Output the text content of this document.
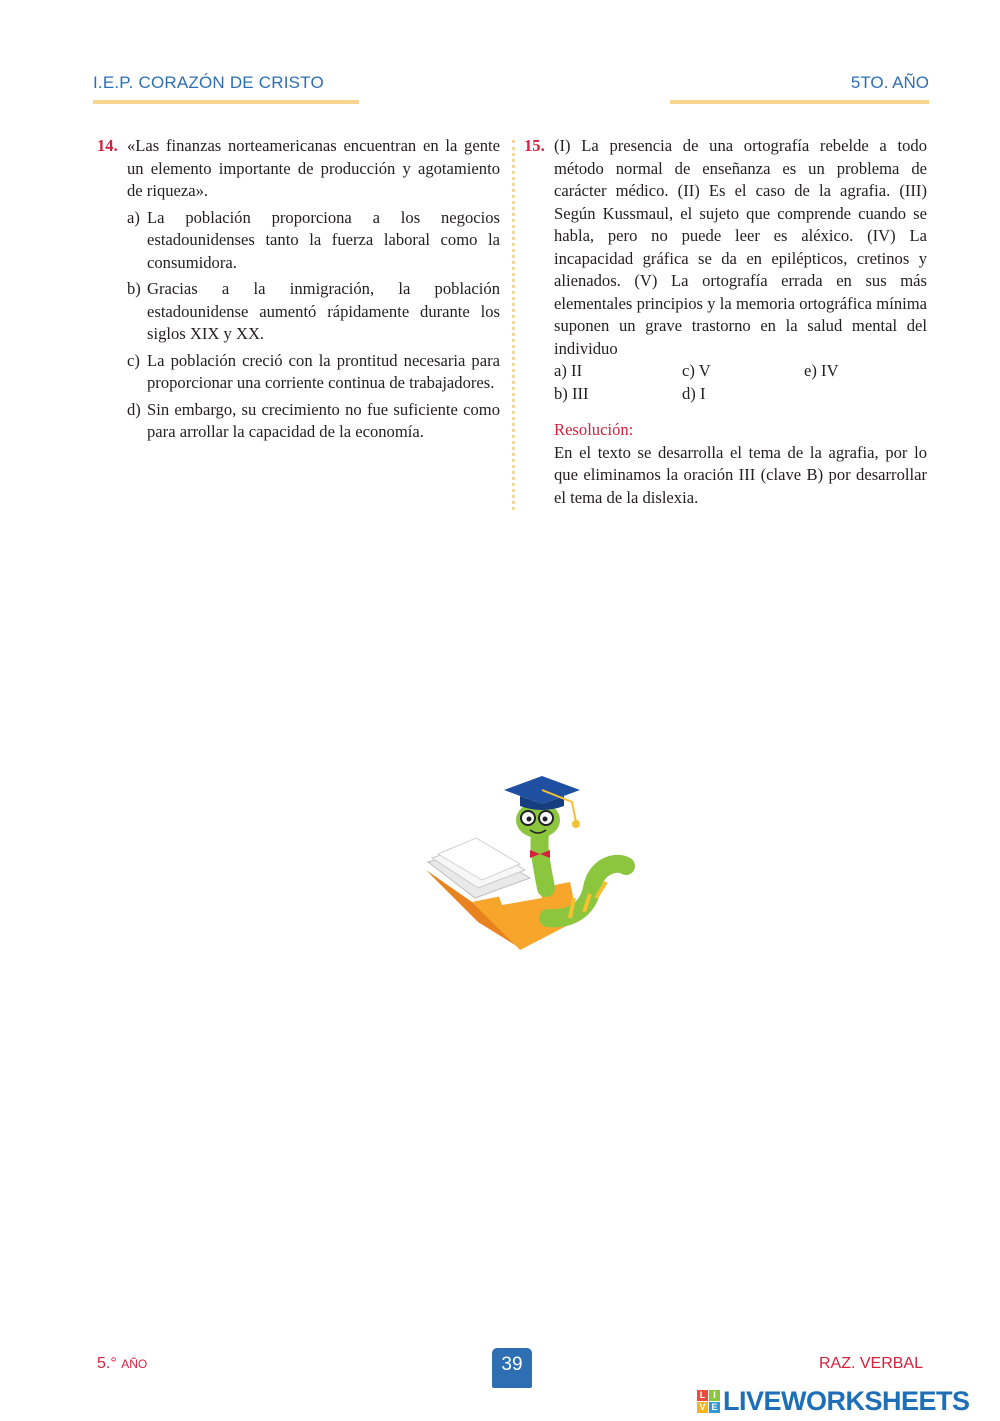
I.E.P. CORAZÓN DE CRISTO	5TO. AÑO
14. «Las finanzas norteamericanas encuentran en la gente un elemento importante de producción y agotamiento de riqueza».
a) La población proporciona a los negocios estadounidenses tanto la fuerza laboral como la consumidora.
b) Gracias a la inmigración, la población estadounidense aumentó rápidamente durante los siglos XIX y XX.
c) La población creció con la prontitud necesaria para proporcionar una corriente continua de trabajadores.
d) Sin embargo, su crecimiento no fue suficiente como para arrollar la capacidad de la economía.
15. (I) La presencia de una ortografía rebelde a todo método normal de enseñanza es un problema de carácter médico. (II) Es el caso de la agrafia. (III) Según Kussmaul, el sujeto que comprende cuando se habla, pero no puede leer es aléxico. (IV) La incapacidad gráfica se da en epilépticos, cretinos y alienados. (V) La ortografía errada en sus más elementales principios y la memoria ortográfica mínima suponen un grave trastorno en la salud mental del individuo
a) II	c) V	e) IV
b) III	d) I
Resolución:
En el texto se desarrolla el tema de la agrafia, por lo que eliminamos la oración III (clave B) por desarrollar el tema de la dislexia.
5.° AÑO	39	RAZ. VERBAL
L I
V E LIVEWORKSHEETS
